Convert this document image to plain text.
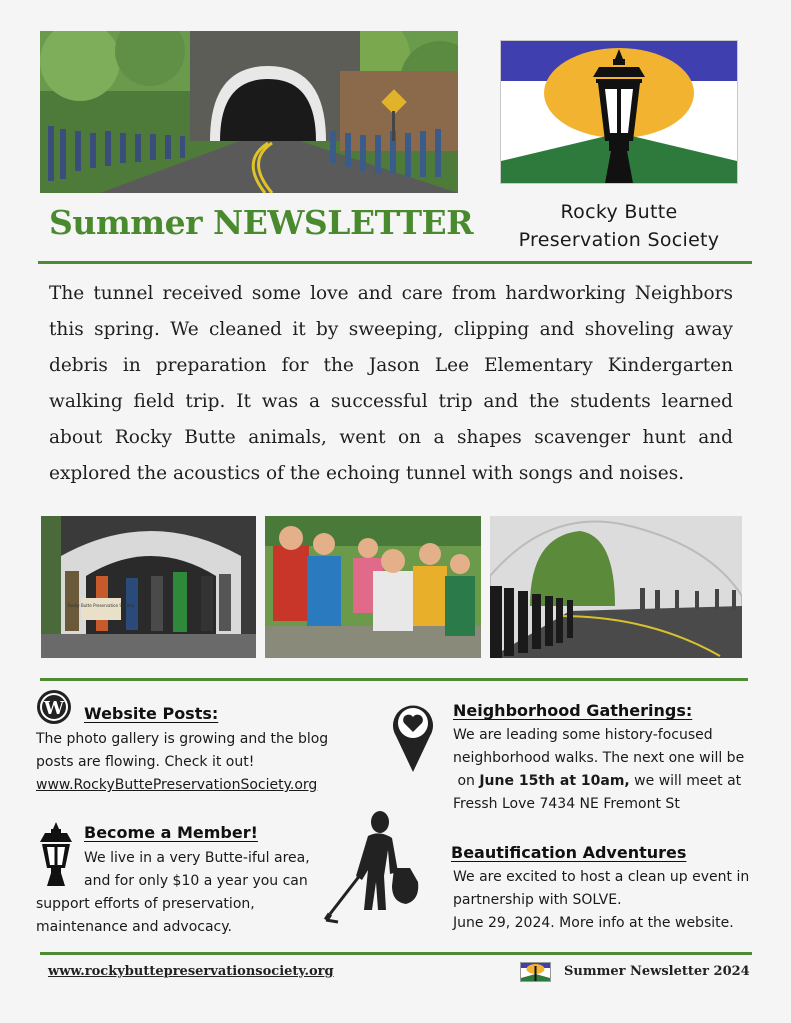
Summer NEWSLETTER	Rocky Butte
Preservation Society
The tunnel received some love and care from hardworking Neighbors this spring. We cleaned it by sweeping, clipping and shoveling away debris in preparation for the Jason Lee Elementary Kindergarten walking field trip. It was a successful trip and the students learned about Rocky Butte animals, went on a shapes scavenger hunt and explored the acoustics of the echoing tunnel with songs and noises.
Rocky Butte Preservation Society
W Website Posts:
The photo gallery is growing and the blog posts are flowing. Check it out!
www.RockyButtePreservationSociety.org
Become a Member!
We live in a very Butte-iful area,
and for only $10 a year you can
support efforts of preservation,
maintenance and advocacy.
Neighborhood Gatherings:
We are leading some history-focused
neighborhood walks. The next one will be
on June 15th at 10am, we will meet at
Fressh Love 7434 NE Fremont St
Beautification Adventures
We are excited to host a clean up event in
partnership with SOLVE.
June 29, 2024. More info at the website.
www.rockybuttepreservationsociety.org	Summer Newsletter 2024
